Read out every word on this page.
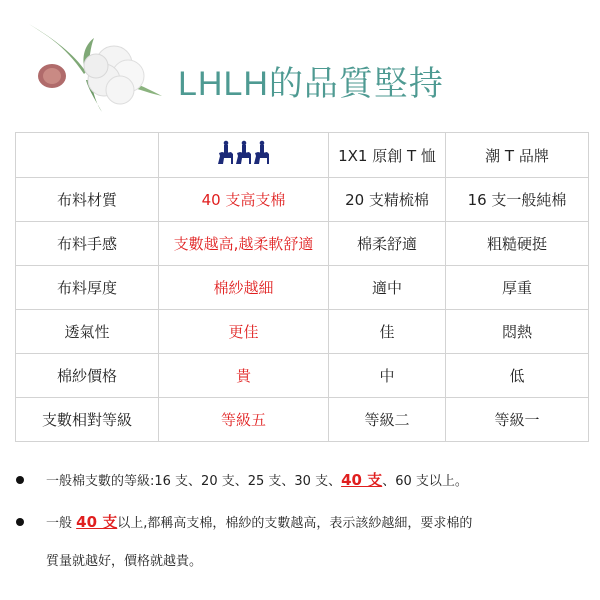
LHLH的品質堅持
		1X1 原創 T 恤	潮 T 品牌
布料材質	40 支高支棉	20 支精梳棉	16 支一般純棉
布料手感	支數越高,越柔軟舒適	棉柔舒適	粗糙硬挺
布料厚度	棉紗越細	適中	厚重
透氣性	更佳	佳	悶熱
棉紗價格	貴	中	低
支數相對等級	等級五	等級二	等級一
一般棉支數的等級:16 支、20 支、25 支、30 支、40 支、60 支以上。
一般 40 支以上,都稱高支棉，棉紗的支數越高，表示該紗越細，要求棉的
質量就越好，價格就越貴。
